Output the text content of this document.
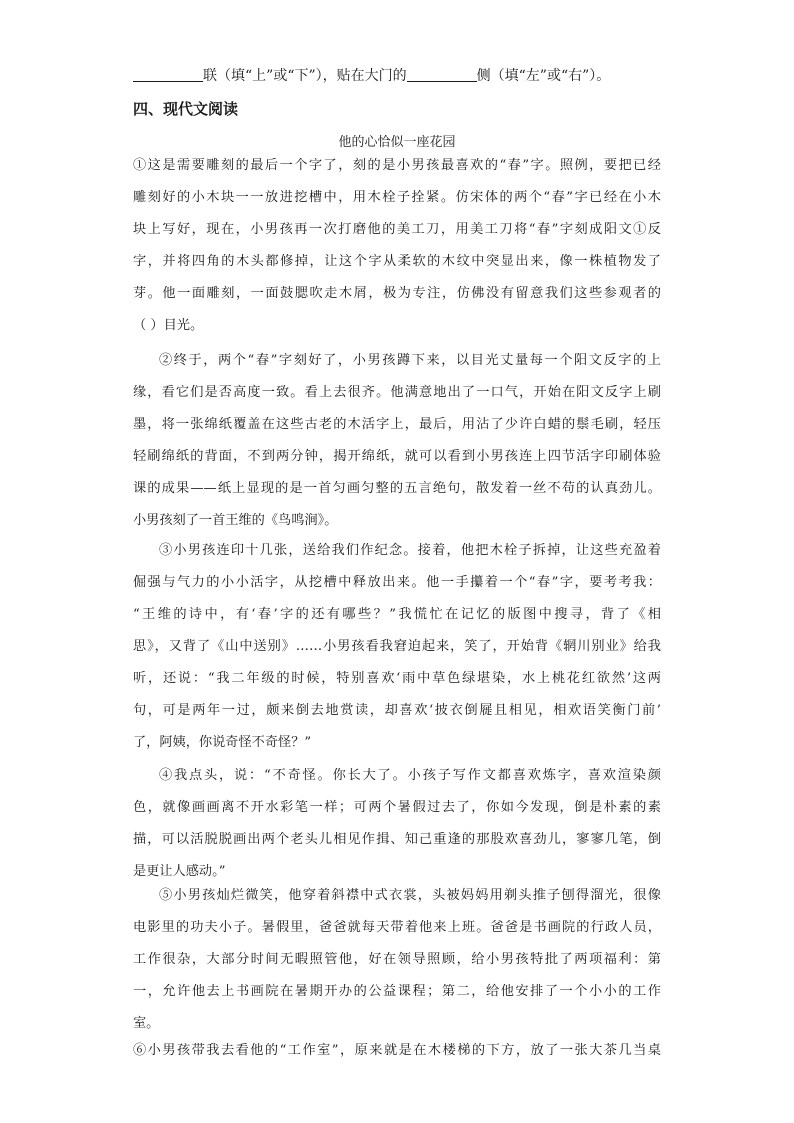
联（填“上”或“下”），贴在大门的	侧（填“左”或“右”）。
四、现代文阅读
他的心恰似一座花园
①这是需要雕刻的最后一个字了，刻的是小男孩最喜欢的“春”字。照例，要把已经
雕刻好的小木块一一放进挖槽中，用木栓子拴紧。仿宋体的两个“春”字已经在小木
块上写好，现在，小男孩再一次打磨他的美工刀，用美工刀将“春”字刻成阳文①反
字，并将四角的木头都修掉，让这个字从柔软的木纹中突显出来，像一株植物发了
芽。他一面雕刻，一面鼓腮吹走木屑，极为专注，仿佛没有留意我们这些参观者的
（ ）目光。
②终于，两个“春”字刻好了，小男孩蹲下来，以目光丈量每一个阳文反字的上
缘，看它们是否高度一致。看上去很齐。他满意地出了一口气，开始在阳文反字上刷
墨，将一张绵纸覆盖在这些古老的木活字上，最后，用沾了少许白蜡的鬃毛刷，轻压
轻刷绵纸的背面，不到两分钟，揭开绵纸，就可以看到小男孩连上四节活字印刷体验
课的成果——纸上显现的是一首匀画匀整的五言绝句，散发着一丝不苟的认真劲儿。
小男孩刻了一首王维的《鸟鸣涧》。
③小男孩连印十几张，送给我们作纪念。接着，他把木栓子拆掉，让这些充盈着
倔强与气力的小小活字，从挖槽中释放出来。他一手攥着一个“春”字，要考考我：
“王维的诗中，有‘春’字的还有哪些？”我慌忙在记忆的版图中搜寻，背了《相
思》，又背了《山中送别》……小男孩看我窘迫起来，笑了，开始背《辋川别业》给我
听，还说：“我二年级的时候，特别喜欢‘雨中草色绿堪染，水上桃花红欲然’这两
句，可是两年一过，颇来倒去地赏读，却喜欢‘披衣倒屣且相见，相欢语笑衡门前’
了，阿姨，你说奇怪不奇怪？”
④我点头，说：“不奇怪。你长大了。小孩子写作文都喜欢炼字，喜欢渲染颜
色，就像画画离不开水彩笔一样；可两个暑假过去了，你如今发现，倒是朴素的素
描，可以活脱脱画出两个老头儿相见作揖、知己重逢的那股欢喜劲儿，寥寥几笔，倒
是更让人感动。”
⑤小男孩灿烂微笑，他穿着斜襟中式衣裳，头被妈妈用剃头推子刨得溜光，很像
电影里的功夫小子。暑假里，爸爸就每天带着他来上班。爸爸是书画院的行政人员，
工作很杂，大部分时间无暇照管他，好在领导照顾，给小男孩特批了两项福利：第
一，允许他去上书画院在暑期开办的公益课程；第二，给他安排了一个小小的工作
室。
⑥小男孩带我去看他的“工作室”，原来就是在木楼梯的下方，放了一张大茶几当桌
